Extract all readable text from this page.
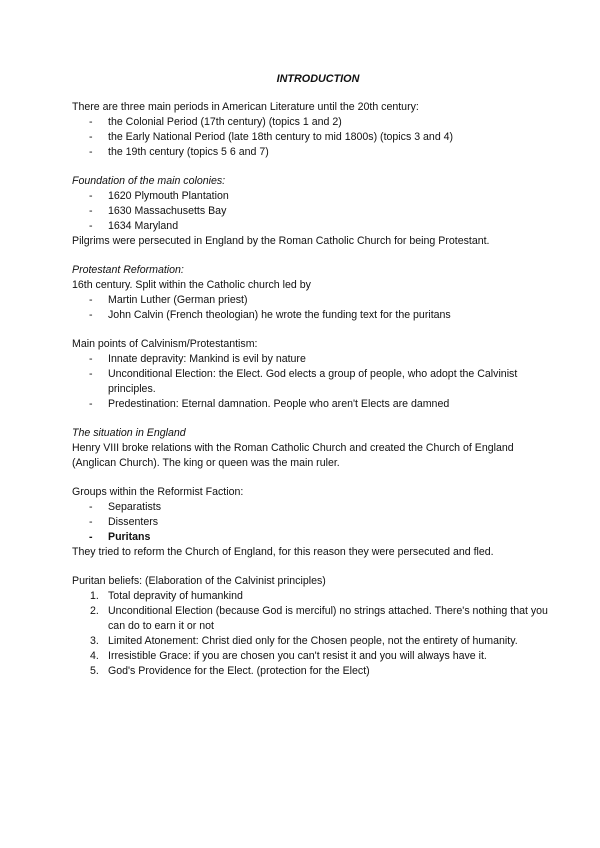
INTRODUCTION

There are three main periods in American Literature until the 20th century:

- the Colonial Period (17th century) (topics 1 and 2)
- the Early National Period (late 18th century to mid 1800s) (topics 3 and 4)
- the 19th century (topics 5 6 and 7)

Foundation of the main colonies:

- 1620 Plymouth Plantation
- 1630 Massachusetts Bay
- 1634 Maryland

Pilgrims were persecuted in England by the Roman Catholic Church for being Protestant.

Protestant Reformation:

16th century. Split within the Catholic church led by

- Martin Luther (German priest)
- John Calvin (French theologian) he wrote the funding text for the puritans

Main points of Calvinism/Protestantism:

- Innate depravity: Mankind is evil by nature
- Unconditional Election: the Elect. God elects a group of people, who adopt the Calvinist principles.
- Predestination: Eternal damnation. People who aren't Elects are damned

The situation in England

Henry VIII broke relations with the Roman Catholic Church and created the Church of England (Anglican Church). The king or queen was the main ruler.

Groups within the Reformist Faction:

- Separatists
- Dissenters
- Puritans

They tried to reform the Church of England, for this reason they were persecuted and fled.

Puritan beliefs: (Elaboration of the Calvinist principles)

1. Total depravity of humankind
2. Unconditional Election (because God is merciful) no strings attached. There's nothing that you can do to earn it or not
3. Limited Atonement: Christ died only for the Chosen people, not the entirety of humanity.
4. Irresistible Grace: if you are chosen you can't resist it and you will always have it.
5. God's Providence for the Elect. (protection for the Elect)
